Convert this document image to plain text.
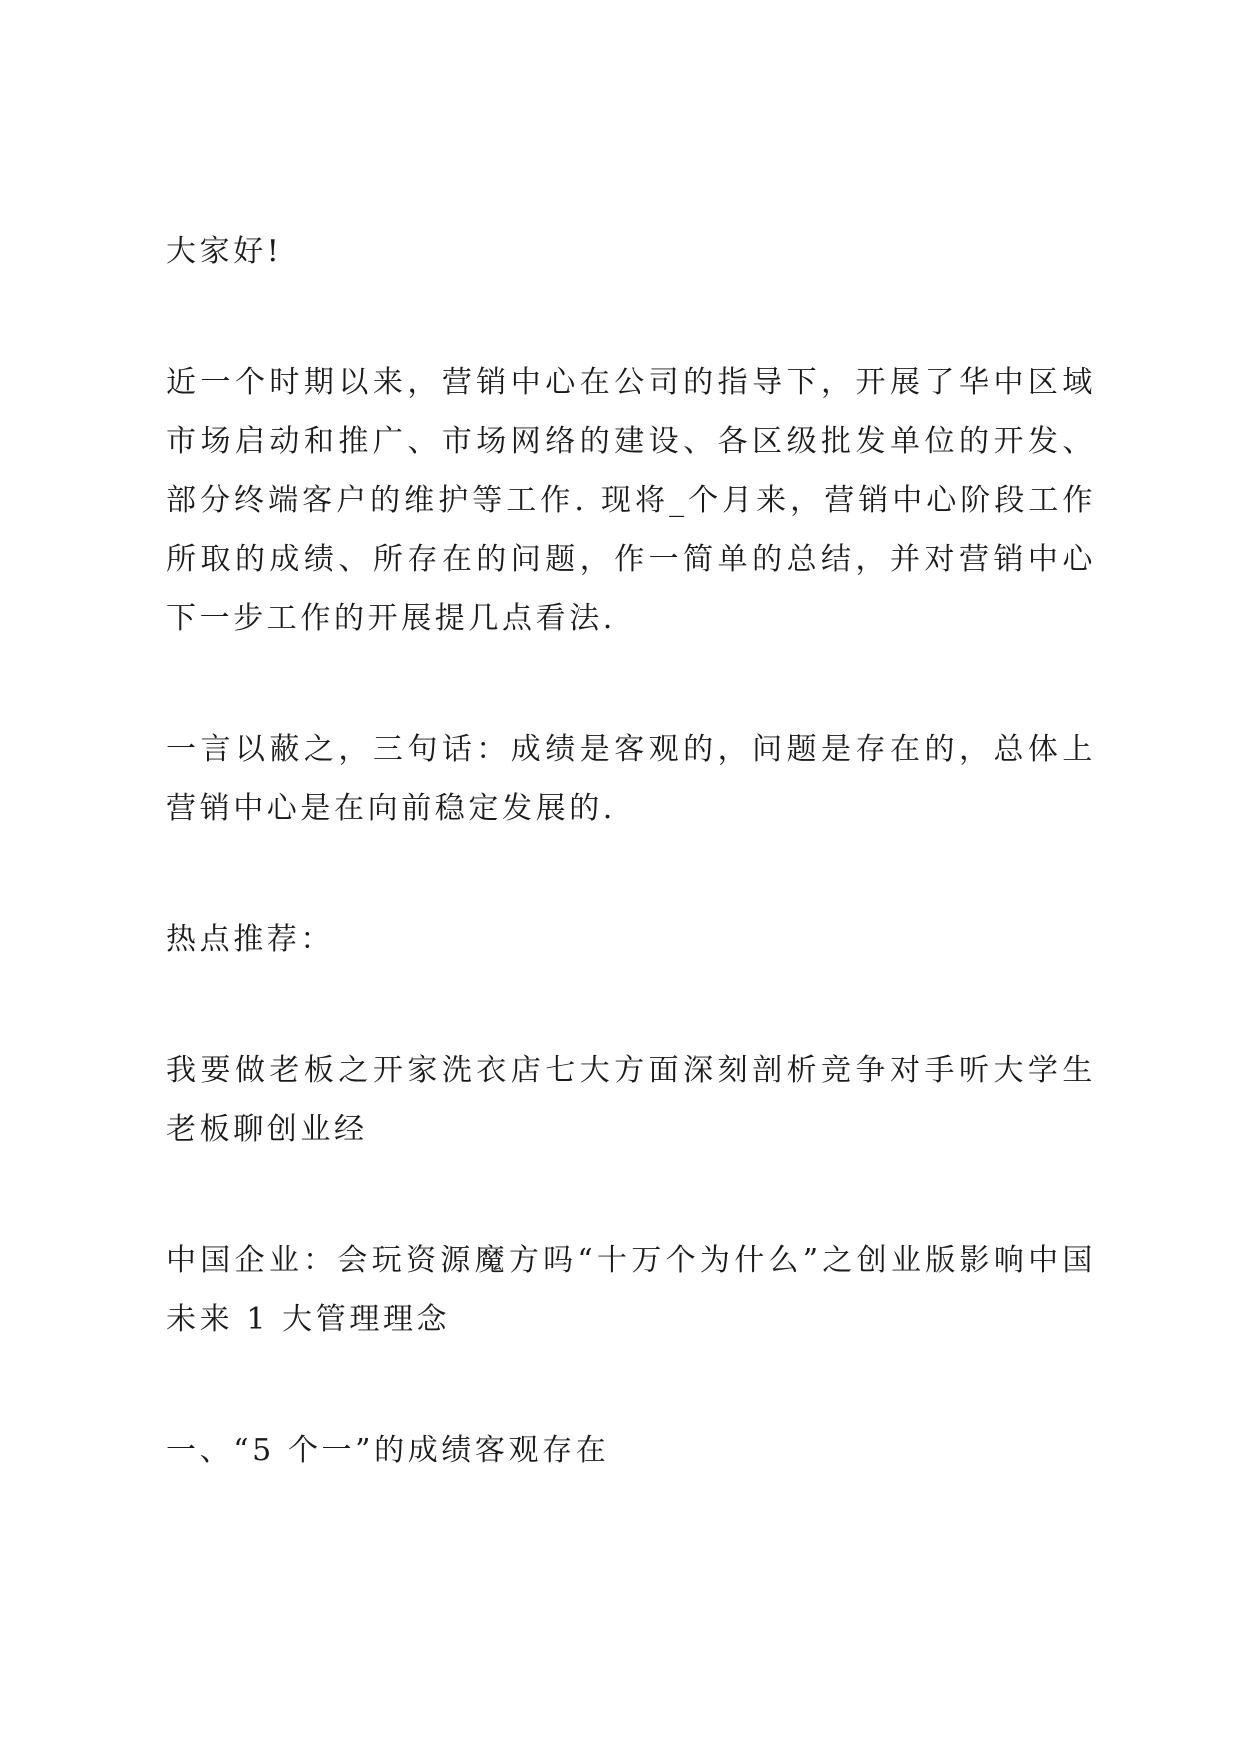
大家好!

近一个时期以来，营销中心在公司的指导下，开展了华中区域市场启动和推广、市场网络的建设、各区级批发单位的开发、部分终端客户的维护等工作. 现将_个月来，营销中心阶段工作所取的成绩、所存在的问题，作一简单的总结，并对营销中心下一步工作的开展提几点看法.

一言以蔽之，三句话：成绩是客观的，问题是存在的，总体上营销中心是在向前稳定发展的.

热点推荐：

我要做老板之开家洗衣店七大方面深刻剖析竞争对手听大学生老板聊创业经

中国企业：会玩资源魔方吗“十万个为什么”之创业版影响中国未来 1 大管理理念

一、“5 个一”的成绩客观存在
